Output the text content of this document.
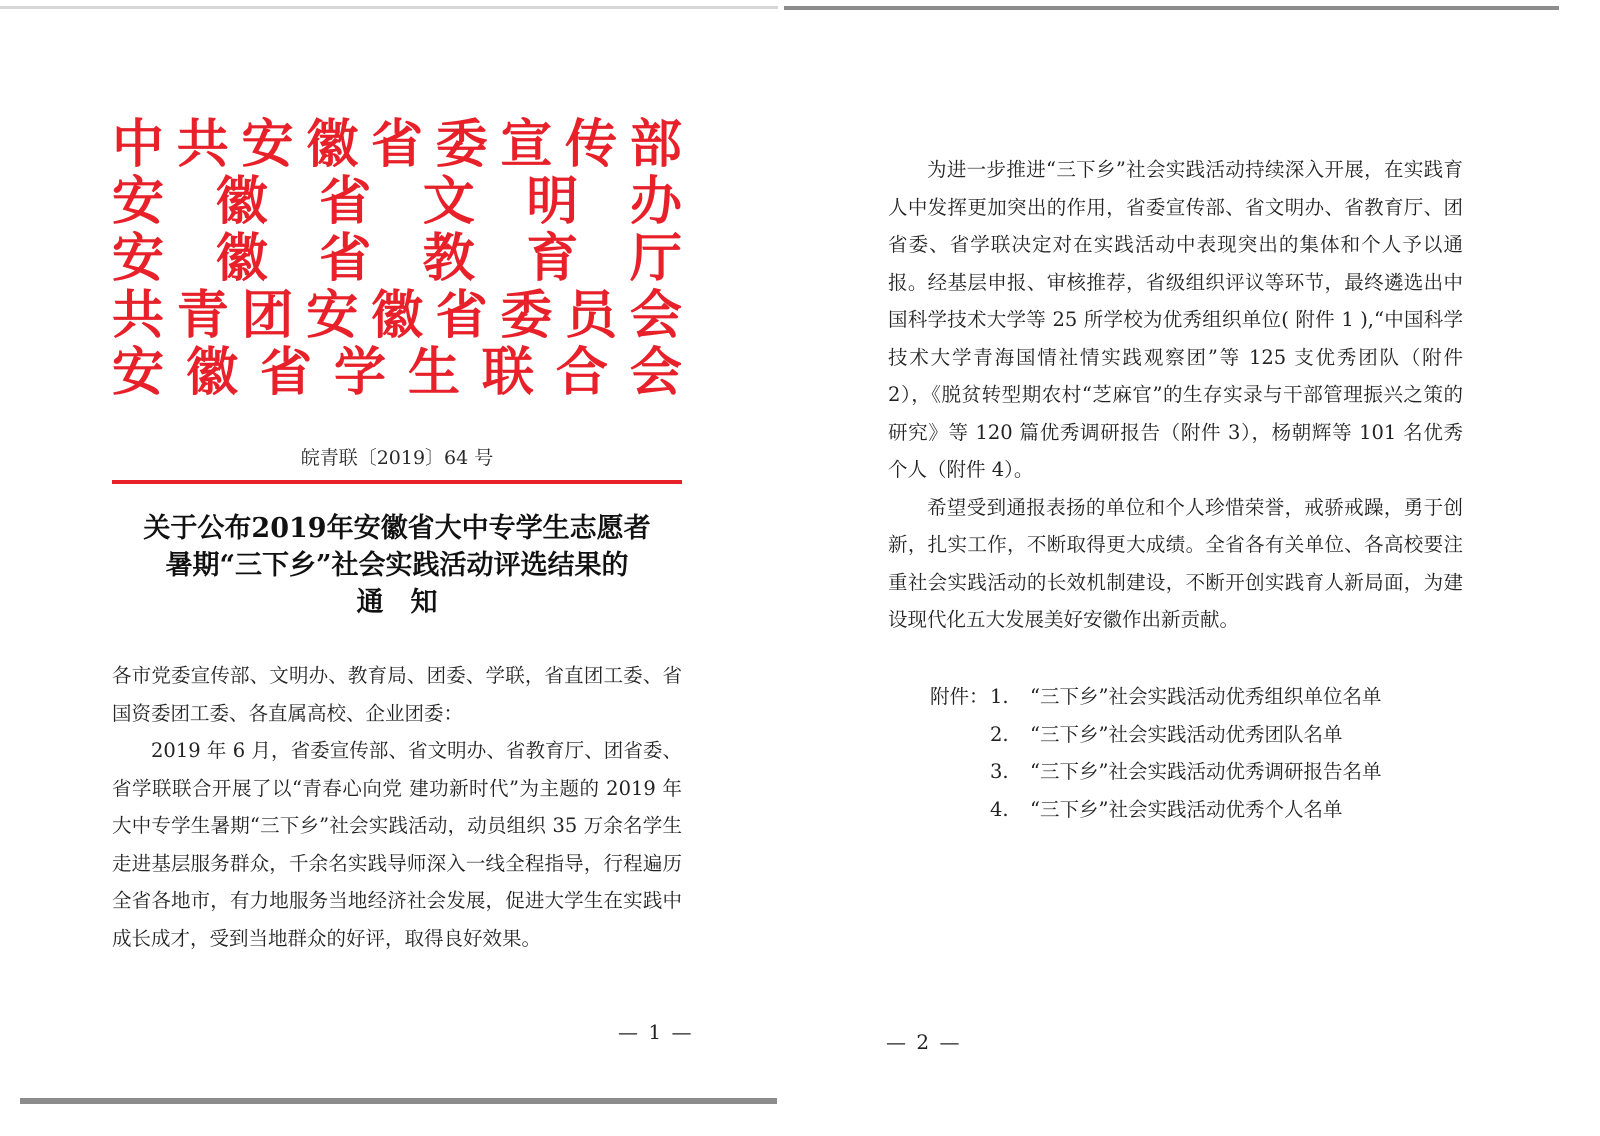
中 共 安 徽 省 委 宣 传 部
安 徽 省 文 明 办
安 徽 省 教 育 厅
共 青 团 安 徽 省 委 员 会
安 徽 省 学 生 联 合 会
皖青联〔2019〕64 号
关于公布2019年安徽省大中专学生志愿者
暑期“三下乡”社会实践活动评选结果的
通　知

各市党委宣传部、文明办、教育局、团委、学联，省直团工委、省国资委团工委、各直属高校、企业团委：

2019 年 6 月，省委宣传部、省文明办、省教育厅、团省委、省学联联合开展了以“青春心向党 建功新时代”为主题的 2019 年大中专学生暑期“三下乡”社会实践活动，动员组织 35 万余名学生走进基层服务群众，千余名实践导师深入一线全程指导，行程遍历全省各地市，有力地服务当地经济社会发展，促进大学生在实践中成长成才，受到当地群众的好评，取得良好效果。

— 1 —

为进一步推进“三下乡”社会实践活动持续深入开展，在实践育人中发挥更加突出的作用，省委宣传部、省文明办、省教育厅、团省委、省学联决定对在实践活动中表现突出的集体和个人予以通报。经基层申报、审核推荐，省级组织评议等环节，最终遴选出中国科学技术大学等 25 所学校为优秀组织单位( 附件 1 ),“中国科学技术大学青海国情社情实践观察团”等 125 支优秀团队（附件 2），《脱贫转型期农村“芝麻官”的生存实录与干部管理振兴之策的研究》等 120 篇优秀调研报告（附件 3），杨朝辉等 101 名优秀个人（附件 4）。

希望受到通报表扬的单位和个人珍惜荣誉，戒骄戒躁，勇于创新，扎实工作，不断取得更大成绩。全省各有关单位、各高校要注重社会实践活动的长效机制建设，不断开创实践育人新局面，为建设现代化五大发展美好安徽作出新贡献。

— 2 —
附件： 1.	“三下乡”社会实践活动优秀组织单位名单
2.	“三下乡”社会实践活动优秀团队名单
3.	“三下乡”社会实践活动优秀调研报告名单
4.	“三下乡”社会实践活动优秀个人名单
